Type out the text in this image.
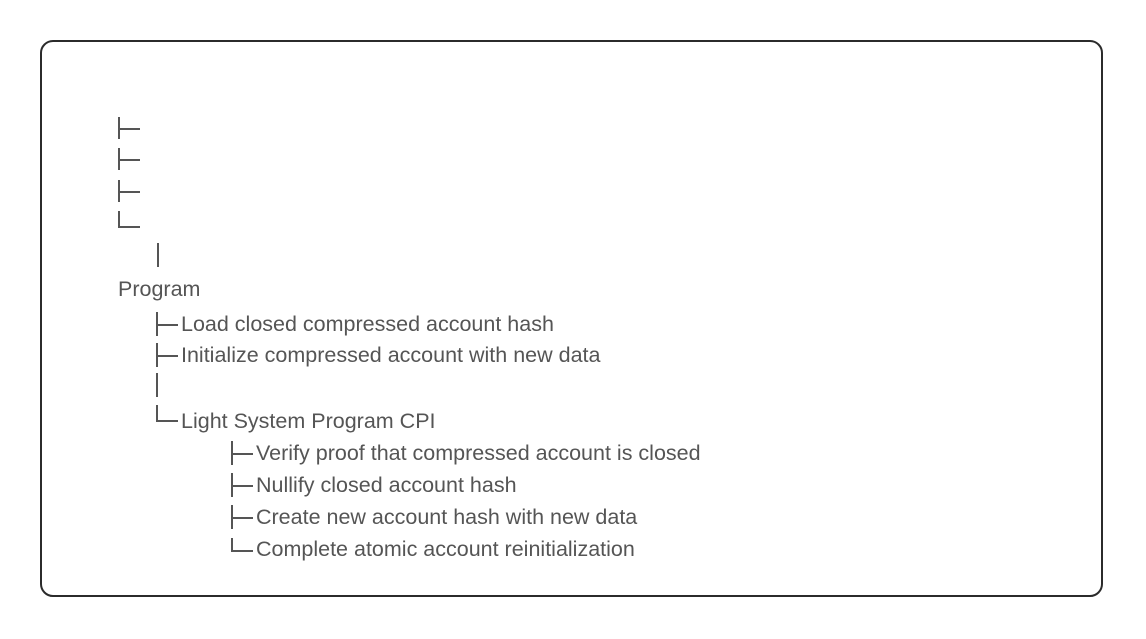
Program
Load closed compressed account hash
Initialize compressed account with new data
Light System Program CPI
Verify proof that compressed account is closed
Nullify closed account hash
Create new account hash with new data
Complete atomic account reinitialization
